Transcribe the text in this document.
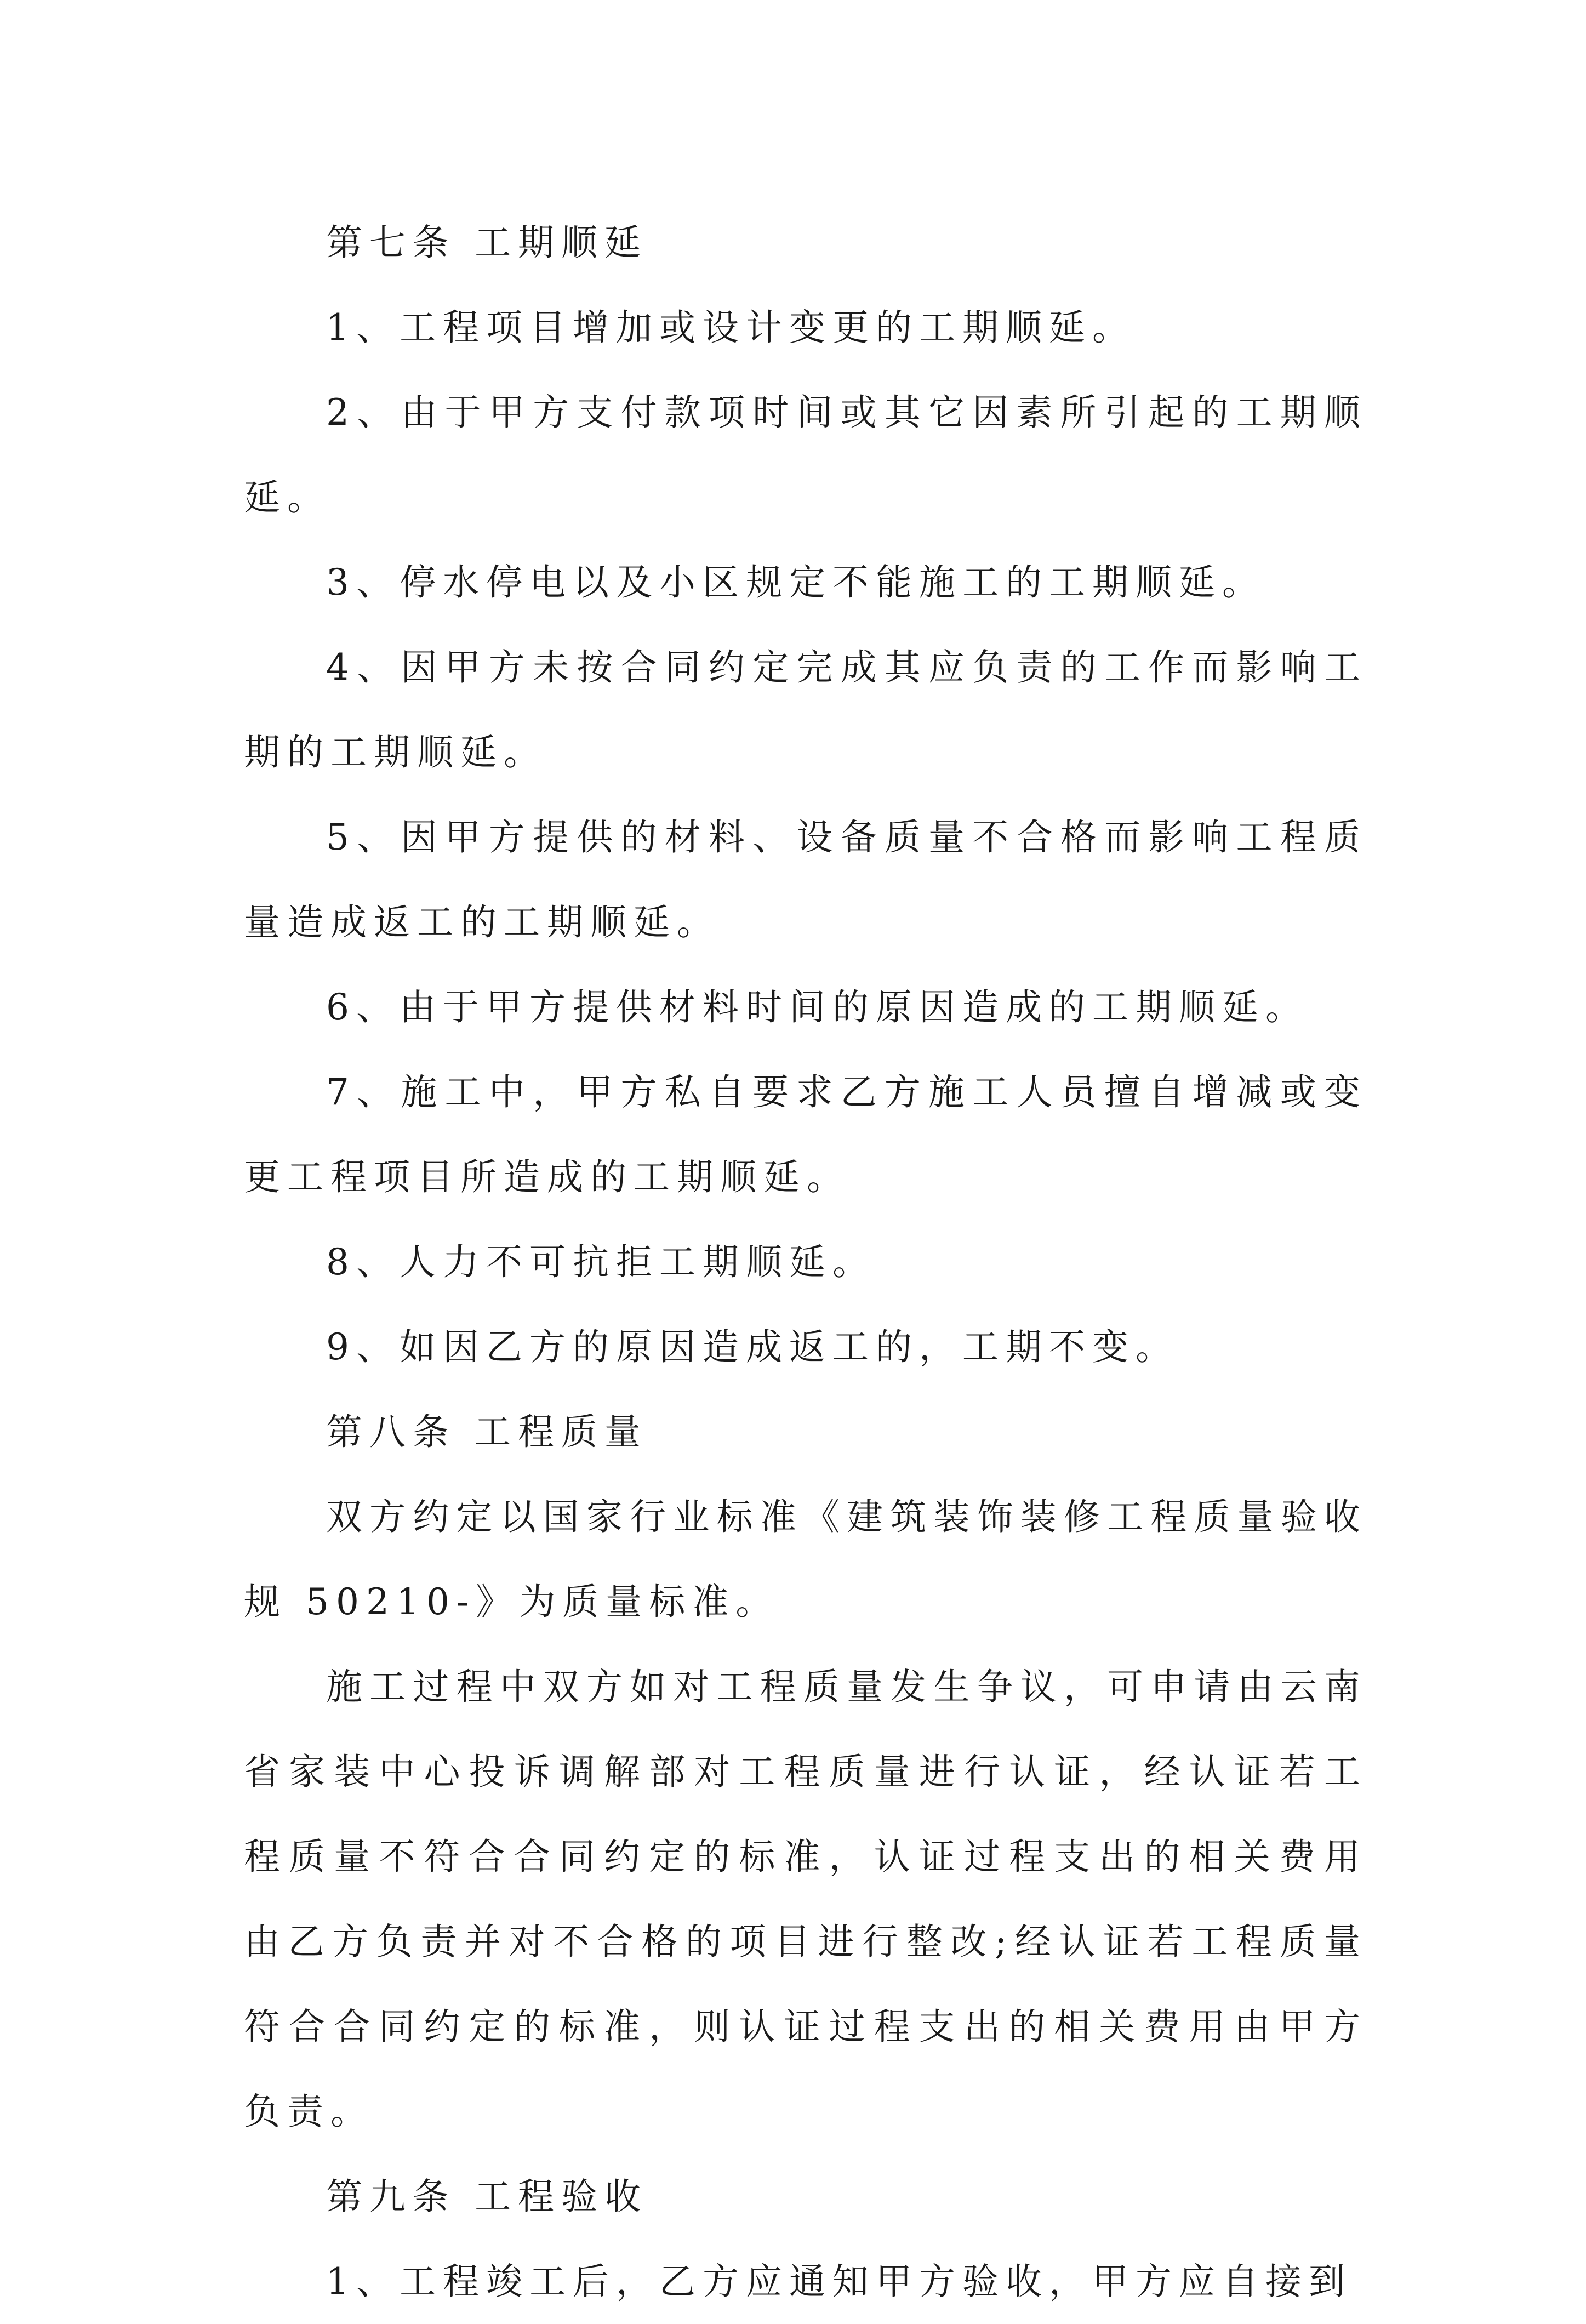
第七条 工期顺延

1、工程项目增加或设计变更的工期顺延。

2、由于甲方支付款项时间或其它因素所引起的工期顺延。

3、停水停电以及小区规定不能施工的工期顺延。

4、因甲方未按合同约定完成其应负责的工作而影响工期的工期顺延。

5、因甲方提供的材料、设备质量不合格而影响工程质量造成返工的工期顺延。

6、由于甲方提供材料时间的原因造成的工期顺延。

7、施工中，甲方私自要求乙方施工人员擅自增减或变更工程项目所造成的工期顺延。

8、人力不可抗拒工期顺延。

9、如因乙方的原因造成返工的，工期不变。

第八条 工程质量

双方约定以国家行业标准《建筑装饰装修工程质量验收规 50210-》为质量标准。

施工过程中双方如对工程质量发生争议，可申请由云南省家装中心投诉调解部对工程质量进行认证，经认证若工程质量不符合合同约定的标准，认证过程支出的相关费用由乙方负责并对不合格的项目进行整改;经认证若工程质量符合合同约定的标准，则认证过程支出的相关费用由甲方负责。

第九条 工程验收

1、工程竣工后，乙方应通知甲方验收，甲方应自接到
